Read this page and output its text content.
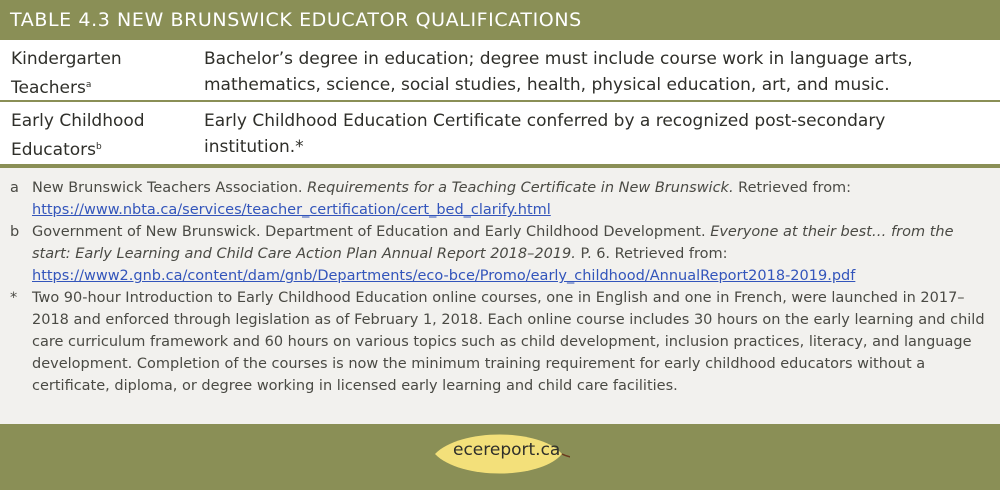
TABLE 4.3 NEW BRUNSWICK EDUCATOR QUALIFICATIONS
Kindergarten
Teachers$^a$
Bachelor’s degree in education; degree must include course work in language arts, mathematics, science, social studies, health, physical education, art, and music.
Early Childhood
Educators$^b$
Early Childhood Education Certificate conferred by a recognized post-secondary institution.*
a New Brunswick Teachers Association. Requirements for a Teaching Certificate in New Brunswick. Retrieved from: https://www.nbta.ca/services/teacher_certification/cert_bed_clarify.html
b Government of New Brunswick. Department of Education and Early Childhood Development. Everyone at their best… from the start: Early Learning and Child Care Action Plan Annual Report 2018–2019. P. 6. Retrieved from: https://www2.gnb.ca/content/dam/gnb/Departments/eco-bce/Promo/early_childhood/AnnualReport2018-2019.pdf
*	Two 90-hour Introduction to Early Childhood Education online courses, one in English and one in French, were launched in 2017–2018 and enforced through legislation as of February 1, 2018. Each online course includes 30 hours on the early learning and child care curriculum framework and 60 hours on various topics such as child development, inclusion practices, literacy, and language development. Completion of the courses is now the minimum training requirement for early childhood educators without a certificate, diploma, or degree working in licensed early learning and child care facilities.
ecereport.ca
